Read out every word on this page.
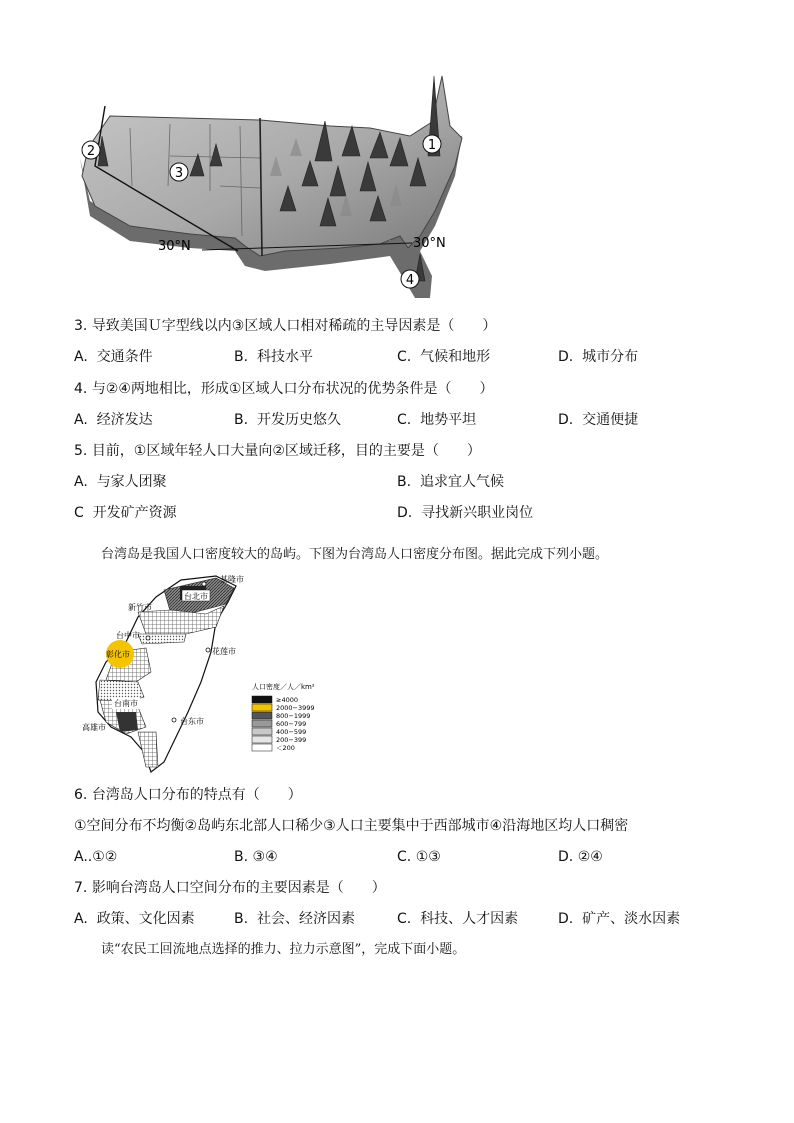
1
2
3
4
30°N	30°N
3. 导致美国Ｕ字型线以内③区域人口相对稀疏的主导因素是（　　）
A. 交通条件	B. 科技水平	C. 气候和地形	D. 城市分布
4. 与②④两地相比，形成①区域人口分布状况的优势条件是（　　）
A. 经济发达	B. 开发历史悠久	C. 地势平坦	D. 交通便捷
5. 目前，①区域年轻人口大量向②区域迁移，目的主要是（　　）
A. 与家人团聚	B. 追求宜人气候
C 开发矿产资源	D. 寻找新兴职业岗位
台湾岛是我国人口密度较大的岛屿。下图为台湾岛人口密度分布图。据此完成下列小题。
台北市
基隆市
新竹市
台中市
彰化市	花莲市
台南市
高雄市
台东市
人口密度／人／km²
≥4000
2000−3999
800−1999
600−799
400−599
200−399
＜200
6. 台湾岛人口分布的特点有（　　）
①空间分布不均衡②岛屿东北部人口稀少③人口主要集中于西部城市④沿海地区均人口稠密
A..①②	B. ③④	C. ①③	D. ②④
7. 影响台湾岛人口空间分布的主要因素是（　　）
A. 政策、文化因素	B. 社会、经济因素	C. 科技、人才因素	D. 矿产、淡水因素
读“农民工回流地点选择的推力、拉力示意图”，完成下面小题。
